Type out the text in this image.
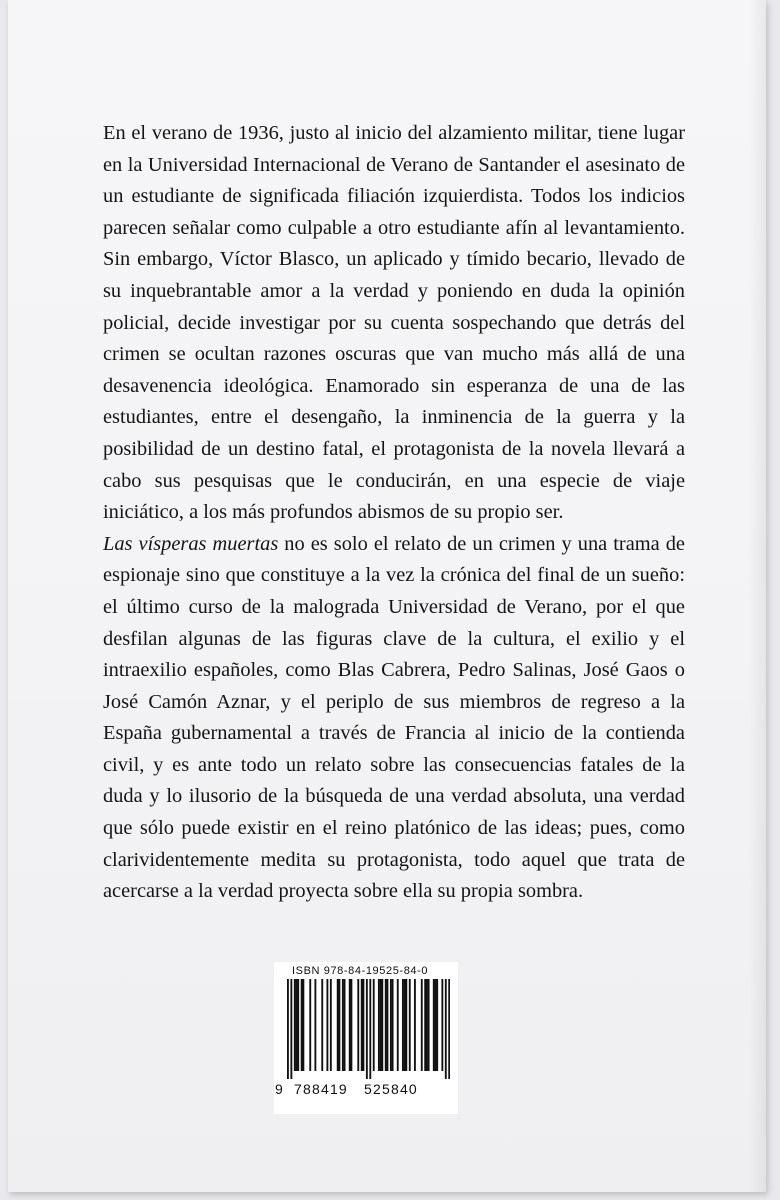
En el verano de 1936, justo al inicio del alzamiento militar, tiene lugar en la Universidad Internacional de Verano de Santander el asesinato de un estudiante de significada filiación izquierdista. Todos los indicios parecen señalar como culpable a otro estudiante afín al levantamiento. Sin embargo, Víctor Blasco, un aplicado y tímido becario, llevado de su inquebrantable amor a la verdad y poniendo en duda la opinión policial, decide investigar por su cuenta sospechando que detrás del crimen se ocultan razones oscuras que van mucho más allá de una desavenencia ideológica. Enamorado sin esperanza de una de las estudiantes, entre el desengaño, la inminencia de la guerra y la posibilidad de un destino fatal, el protagonista de la novela llevará a cabo sus pesquisas que le conducirán, en una especie de viaje iniciático, a los más profundos abismos de su propio ser.

Las vísperas muertas no es solo el relato de un crimen y una trama de espionaje sino que constituye a la vez la crónica del final de un sueño: el último curso de la malograda Universidad de Verano, por el que desfilan algunas de las figuras clave de la cultura, el exilio y el intraexilio españoles, como Blas Cabrera, Pedro Salinas, José Gaos o José Camón Aznar, y el periplo de sus miembros de regreso a la España gubernamental a través de Francia al inicio de la contienda civil, y es ante todo un relato sobre las consecuencias fatales de la duda y lo ilusorio de la búsqueda de una verdad absoluta, una verdad que sólo puede existir en el reino platónico de las ideas; pues, como clarividentemente medita su protagonista, todo aquel que trata de acercarse a la verdad proyecta sobre ella su propia sombra.

ISBN 978-84-19525-84-0
9 788419 525840
